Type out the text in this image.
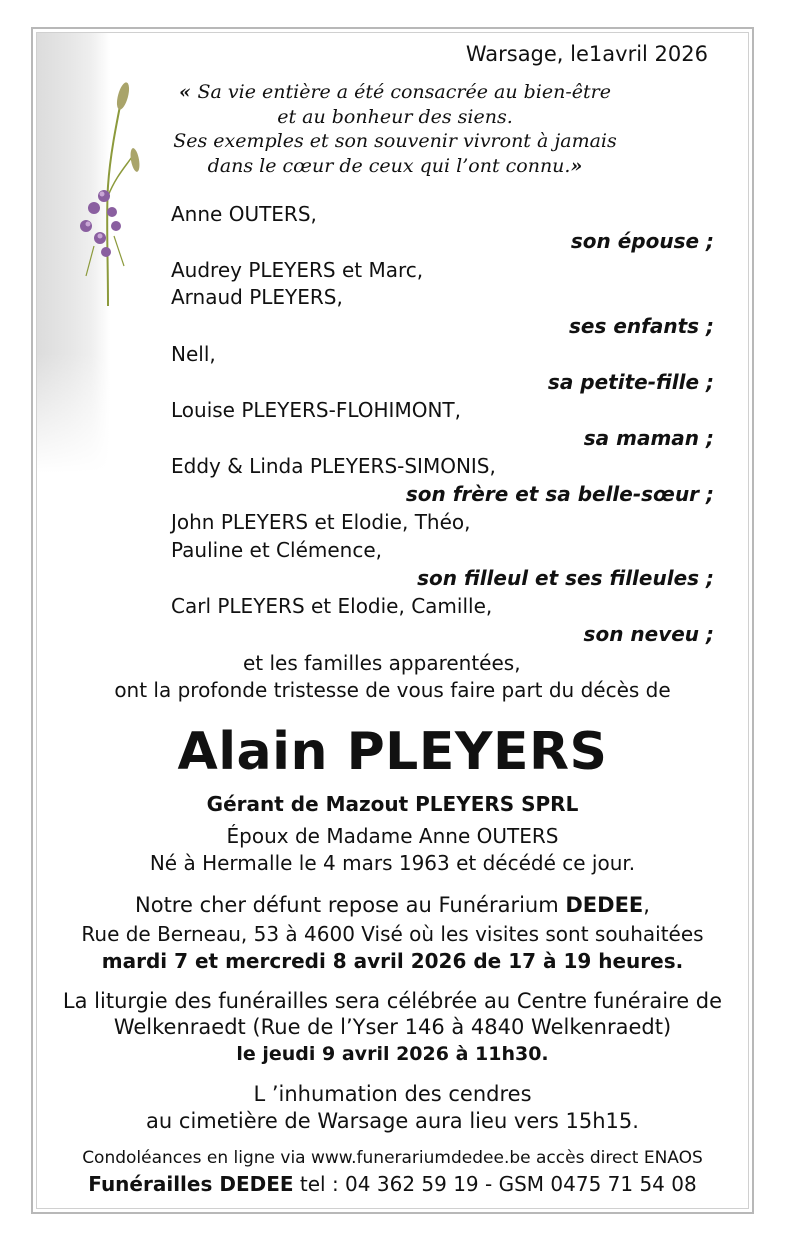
Warsage, le1avril 2026
« Sa vie entière a été consacrée au bien-être
et au bonheur des siens.
Ses exemples et son souvenir vivront à jamais
dans le cœur de ceux qui l’ont connu.»
Anne OUTERS,
son épouse ;
Audrey PLEYERS et Marc,
Arnaud PLEYERS,
ses enfants ;
Nell,
sa petite-fille ;
Louise PLEYERS-FLOHIMONT,
sa maman ;
Eddy & Linda PLEYERS-SIMONIS,
son frère et sa belle-sœur ;
John PLEYERS et Elodie, Théo,
Pauline et Clémence,
son filleul et ses filleules ;
Carl PLEYERS et Elodie, Camille,
son neveu ;
et les familles apparentées,
ont la profonde tristesse de vous faire part du décès de
Alain PLEYERS
Gérant de Mazout PLEYERS SPRL
Époux de Madame Anne OUTERS
Né à Hermalle le 4 mars 1963 et décédé ce jour.
Notre cher défunt repose au Funérarium DEDEE,
Rue de Berneau, 53 à 4600 Visé où les visites sont souhaitées
mardi 7 et mercredi 8 avril 2026 de 17 à 19 heures.
La liturgie des funérailles sera célébrée au Centre funéraire de
Welkenraedt (Rue de l’Yser 146 à 4840 Welkenraedt)
le jeudi 9 avril 2026 à 11h30.
L ’inhumation des cendres
au cimetière de Warsage aura lieu vers 15h15.
Condoléances en ligne via www.funerariumdedee.be accès direct ENAOS
Funérailles DEDEE tel : 04 362 59 19 - GSM 0475 71 54 08
